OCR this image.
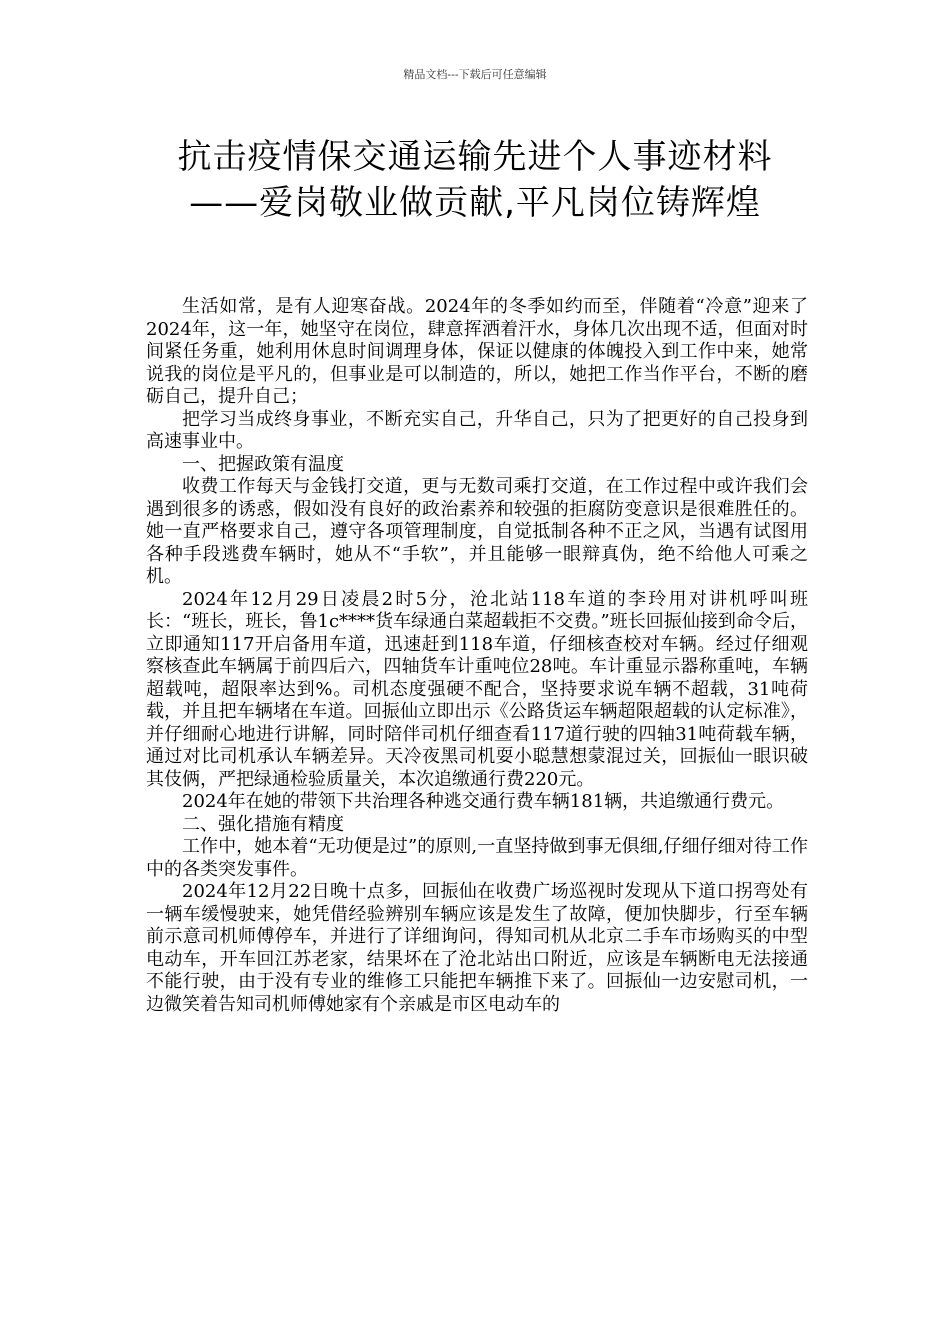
精品文档---下载后可任意编辑
抗击疫情保交通运输先进个人事迹材料
——爱岗敬业做贡献,平凡岗位铸辉煌

生活如常，是有人迎寒奋战。2024年的冬季如约而至，伴随着“冷意”迎来了2024年，这一年，她坚守在岗位，肆意挥洒着汗水，身体几次出现不适，但面对时间紧任务重，她利用休息时间调理身体，保证以健康的体魄投入到工作中来，她常说我的岗位是平凡的，但事业是可以制造的，所以，她把工作当作平台，不断的磨砺自己，提升自己；

把学习当成终身事业，不断充实自己，升华自己，只为了把更好的自己投身到高速事业中。

一、把握政策有温度

收费工作每天与金钱打交道，更与无数司乘打交道，在工作过程中或许我们会遇到很多的诱惑，假如没有良好的政治素养和较强的拒腐防变意识是很难胜任的。她一直严格要求自己，遵守各项管理制度，自觉抵制各种不正之风，当遇有试图用各种手段逃费车辆时，她从不“手软”，并且能够一眼辩真伪，绝不给他人可乘之机。

2024年12月29日凌晨2时5分，沧北站118车道的李玲用对讲机呼叫班长：“班长，班长，鲁1c****货车绿通白菜超载拒不交费。”班长回振仙接到命令后，立即通知117开启备用车道，迅速赶到118车道，仔细核查校对车辆。经过仔细观察核查此车辆属于前四后六，四轴货车计重吨位28吨。车计重显示器称重吨，车辆超载吨，超限率达到%。司机态度强硬不配合，坚持要求说车辆不超载，31吨荷载，并且把车辆堵在车道。回振仙立即出示《公路货运车辆超限超载的认定标准》，并仔细耐心地进行讲解，同时陪伴司机仔细查看117道行驶的四轴31吨荷载车辆，通过对比司机承认车辆差异。天冷夜黑司机耍小聪慧想蒙混过关，回振仙一眼识破其伎俩，严把绿通检验质量关，本次追缴通行费220元。

2024年在她的带领下共治理各种逃交通行费车辆181辆，共追缴通行费元。

二、强化措施有精度

工作中，她本着“无功便是过”的原则,一直坚持做到事无俱细,仔细仔细对待工作中的各类突发事件。

2024年12月22日晚十点多，回振仙在收费广场巡视时发现从下道口拐弯处有一辆车缓慢驶来，她凭借经验辨别车辆应该是发生了故障，便加快脚步，行至车辆前示意司机师傅停车，并进行了详细询问，得知司机从北京二手车市场购买的中型电动车，开车回江苏老家，结果坏在了沧北站出口附近，应该是车辆断电无法接通不能行驶，由于没有专业的维修工只能把车辆推下来了。回振仙一边安慰司机，一边微笑着告知司机师傅她家有个亲戚是市区电动车的
